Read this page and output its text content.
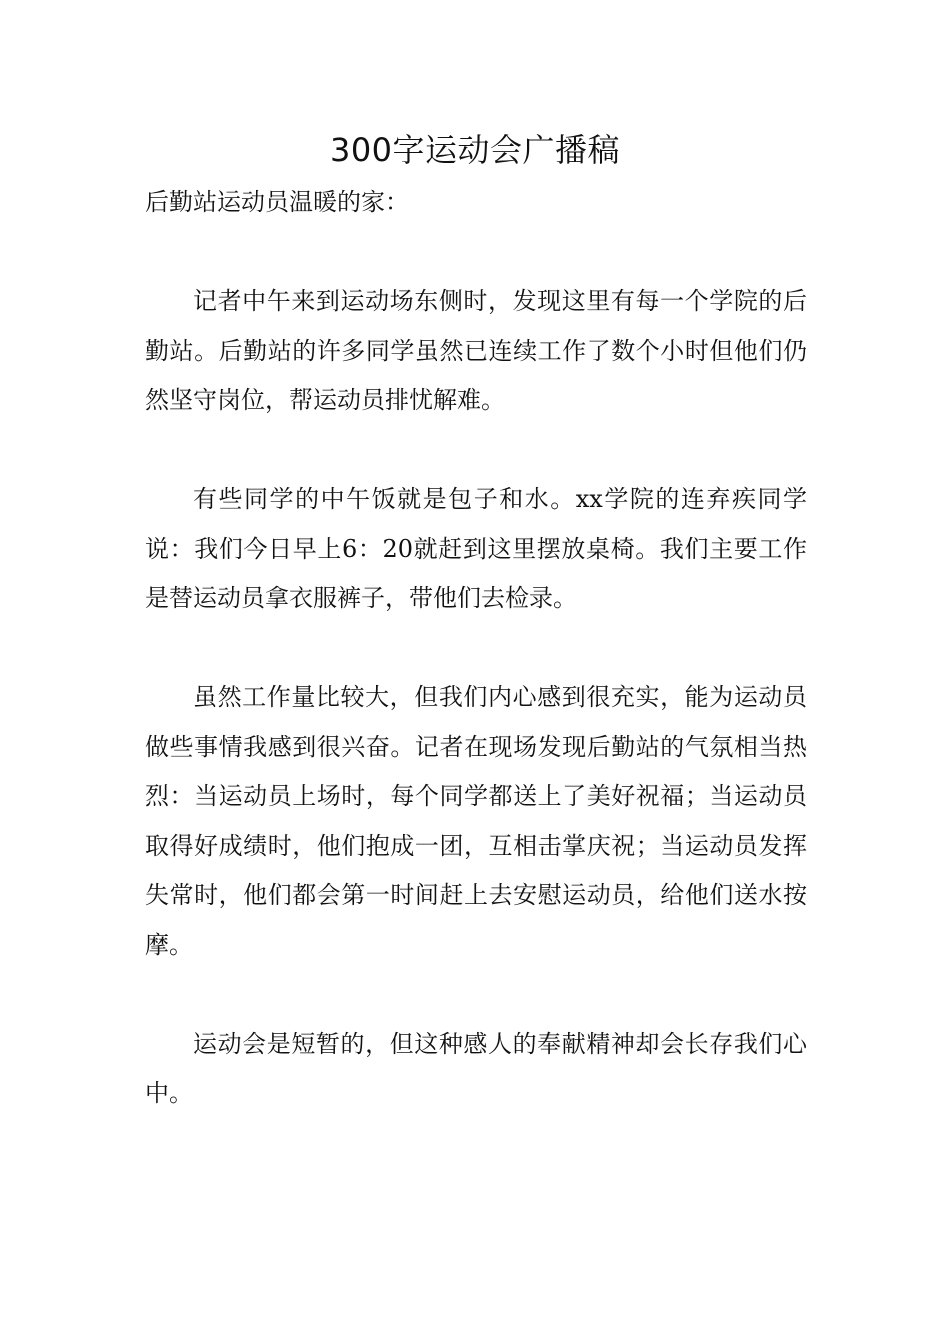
300字运动会广播稿

后勤站运动员温暖的家：

记者中午来到运动场东侧时，发现这里有每一个学院的后勤站。后勤站的许多同学虽然已连续工作了数个小时但他们仍然坚守岗位，帮运动员排忧解难。

有些同学的中午饭就是包子和水。xx学院的连弃疾同学说：我们今日早上6：20就赶到这里摆放桌椅。我们主要工作是替运动员拿衣服裤子，带他们去检录。

虽然工作量比较大，但我们内心感到很充实，能为运动员做些事情我感到很兴奋。记者在现场发现后勤站的气氛相当热烈：当运动员上场时，每个同学都送上了美好祝福；当运动员取得好成绩时，他们抱成一团，互相击掌庆祝；当运动员发挥失常时，他们都会第一时间赶上去安慰运动员，给他们送水按摩。

运动会是短暂的，但这种感人的奉献精神却会长存我们心中。
